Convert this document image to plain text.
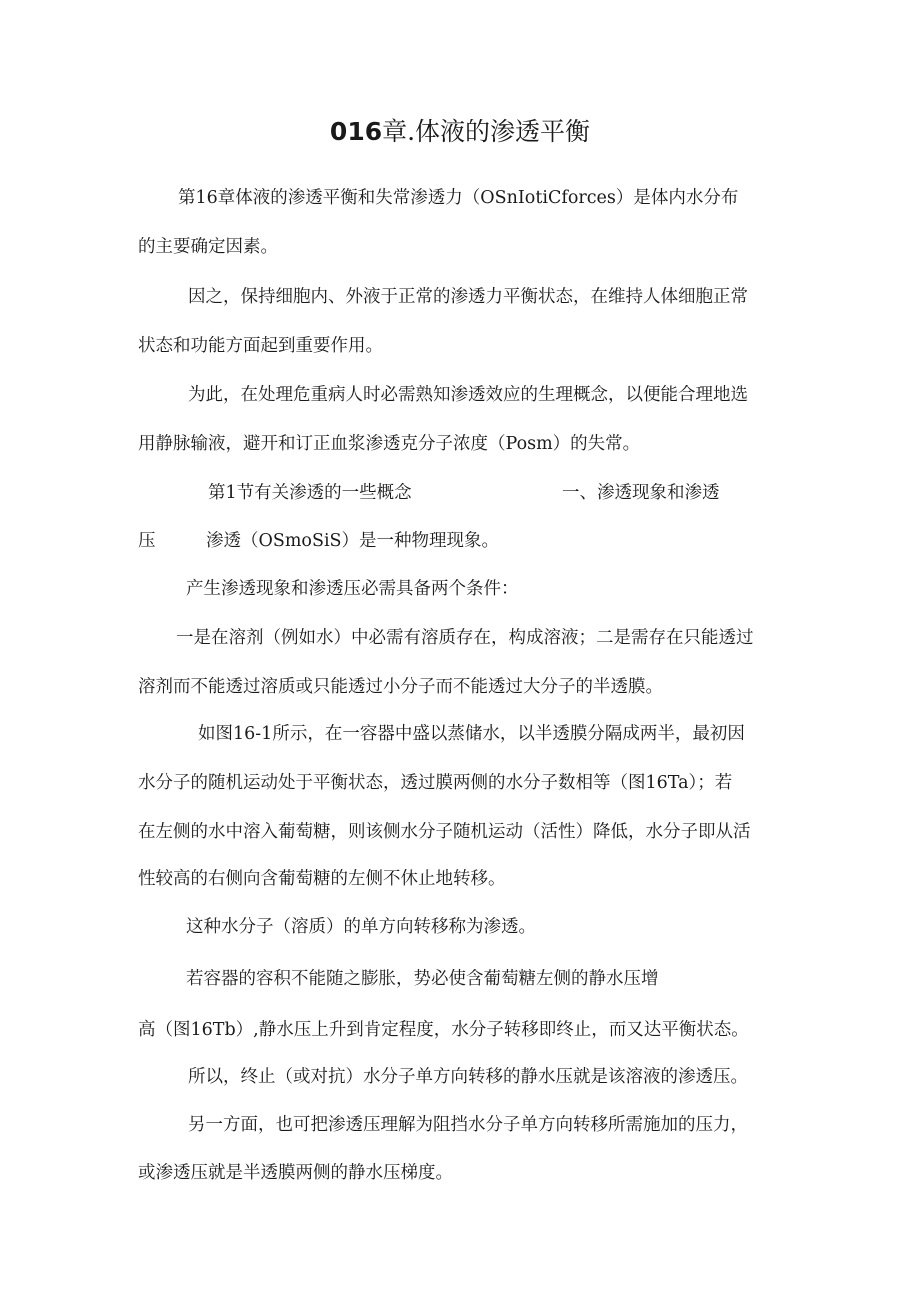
016章.体液的渗透平衡
第16章体液的渗透平衡和失常渗透力（OSnIotiCforces）是体内水分布
的主要确定因素。
因之，保持细胞内、外液于正常的渗透力平衡状态，在维持人体细胞正常
状态和功能方面起到重要作用。
为此，在处理危重病人时必需熟知渗透效应的生理概念，以便能合理地选
用静脉输液，避开和订正血浆渗透克分子浓度（Posm）的失常。
第1节有关渗透的一些概念	一、渗透现象和渗透
压	渗透（OSmoSiS）是一种物理现象。
产生渗透现象和渗透压必需具备两个条件：
一是在溶剂（例如水）中必需有溶质存在，构成溶液；二是需存在只能透过
溶剂而不能透过溶质或只能透过小分子而不能透过大分子的半透膜。
如图16-1所示，在一容器中盛以蒸储水，以半透膜分隔成两半，最初因
水分子的随机运动处于平衡状态，透过膜两侧的水分子数相等（图16Ta）；若
在左侧的水中溶入葡萄糖，则该侧水分子随机运动（活性）降低，水分子即从活
性较高的右侧向含葡萄糖的左侧不休止地转移。
这种水分子（溶质）的单方向转移称为渗透。
若容器的容积不能随之膨胀，势必使含葡萄糖左侧的静水压增
高（图16Tb）,静水压上升到肯定程度，水分子转移即终止，而又达平衡状态。
所以，终止（或对抗）水分子单方向转移的静水压就是该溶液的渗透压。
另一方面，也可把渗透压理解为阻挡水分子单方向转移所需施加的压力，
或渗透压就是半透膜两侧的静水压梯度。
